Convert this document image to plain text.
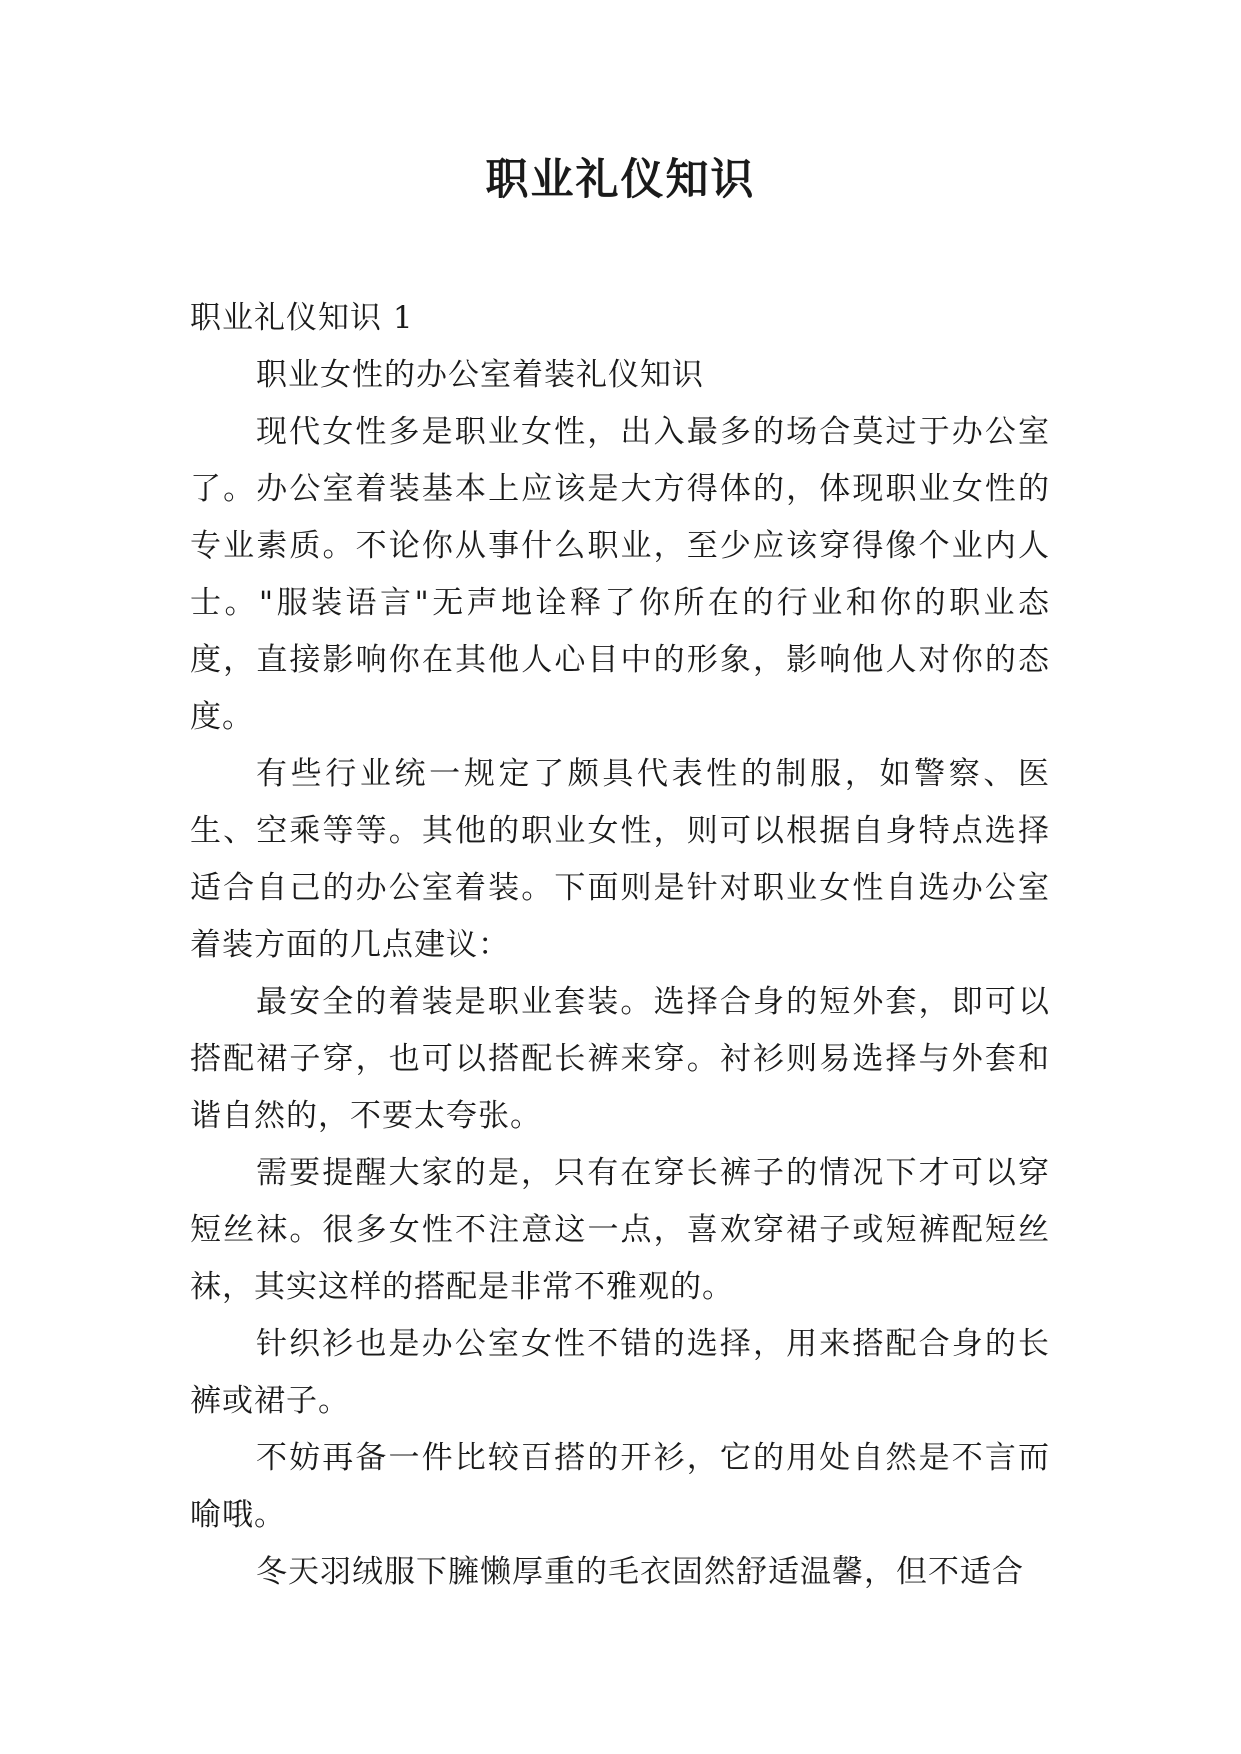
职业礼仪知识

职业礼仪知识 1

职业女性的办公室着装礼仪知识

现代女性多是职业女性，出入最多的场合莫过于办公室了。办公室着装基本上应该是大方得体的，体现职业女性的专业素质。不论你从事什么职业，至少应该穿得像个业内人士。"服装语言"无声地诠释了你所在的行业和你的职业态度，直接影响你在其他人心目中的形象，影响他人对你的态度。

有些行业统一规定了颇具代表性的制服，如警察、医生、空乘等等。其他的职业女性，则可以根据自身特点选择适合自己的办公室着装。下面则是针对职业女性自选办公室着装方面的几点建议：

最安全的着装是职业套装。选择合身的短外套，即可以搭配裙子穿，也可以搭配长裤来穿。衬衫则易选择与外套和谐自然的，不要太夸张。

需要提醒大家的是，只有在穿长裤子的情况下才可以穿短丝袜。很多女性不注意这一点，喜欢穿裙子或短裤配短丝袜，其实这样的搭配是非常不雅观的。

针织衫也是办公室女性不错的选择，用来搭配合身的长裤或裙子。

不妨再备一件比较百搭的开衫，它的用处自然是不言而喻哦。

冬天羽绒服下臃懒厚重的毛衣固然舒适温馨，但不适合
